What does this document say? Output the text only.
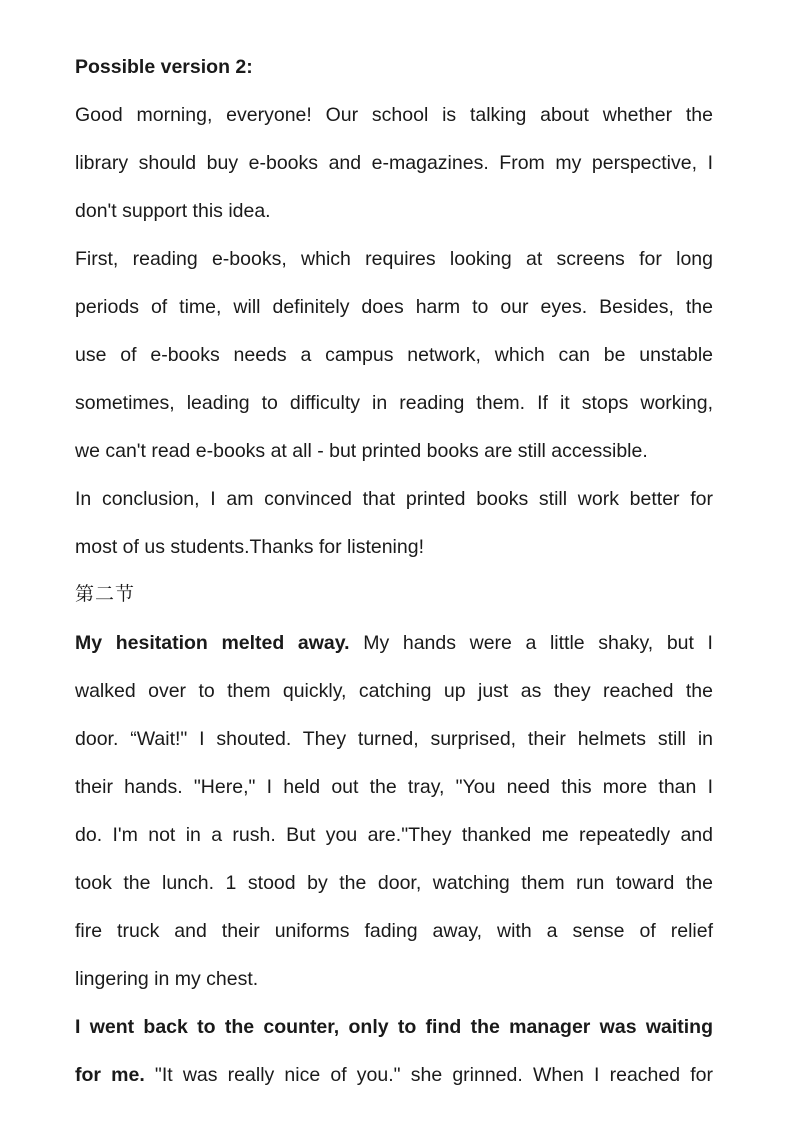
Possible version 2:
Good morning, everyone! Our school is talking about whether the
library should buy e-books and e-magazines. From my perspective, I
don't support this idea.
First, reading e-books, which requires looking at screens for long
periods of time, will definitely does harm to our eyes. Besides, the
use of e-books needs a campus network, which can be unstable
sometimes, leading to difficulty in reading them. If it stops working,
we can't read e-books at all - but printed books are still accessible.
In conclusion, I am convinced that printed books still work better for
most of us students.Thanks for listening!
第二节
My hesitation melted away. My hands were a little shaky, but I
walked over to them quickly, catching up just as they reached the
door. “Wait!" I shouted. They turned, surprised, their helmets still in
their hands. "Here," I held out the tray, "You need this more than I
do. I'm not in a rush. But you are."They thanked me repeatedly and
took the lunch. 1 stood by the door, watching them run toward the
fire truck and their uniforms fading away, with a sense of relief
lingering in my chest.
I went back to the counter, only to find the manager was waiting
for me. "It was really nice of you." she grinned. When I reached for
